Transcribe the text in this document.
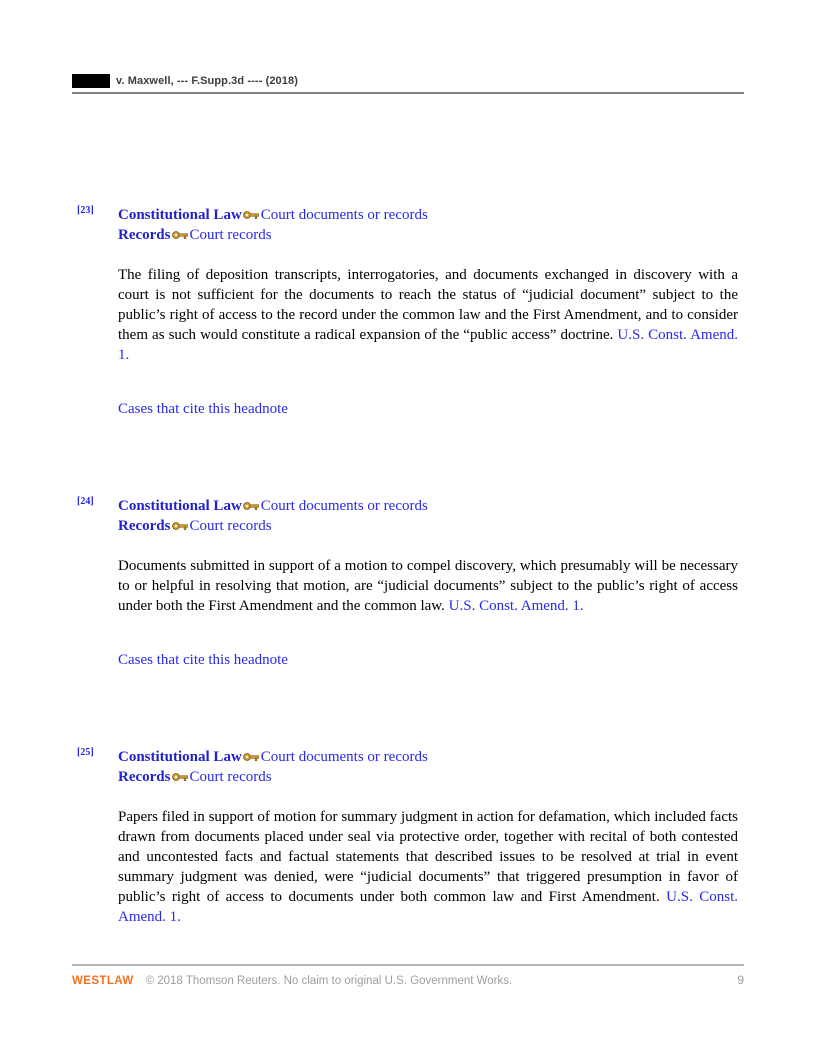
v. Maxwell, --- F.Supp.3d ---- (2018)
[23] Constitutional Law Court documents or records
Records Court records

The filing of deposition transcripts, interrogatories, and documents exchanged in discovery with a court is not sufficient for the documents to reach the status of “judicial document” subject to the public’s right of access to the record under the common law and the First Amendment, and to consider them as such would constitute a radical expansion of the “public access” doctrine. U.S. Const. Amend. 1.

Cases that cite this headnote
[24] Constitutional Law Court documents or records
Records Court records

Documents submitted in support of a motion to compel discovery, which presumably will be necessary to or helpful in resolving that motion, are “judicial documents” subject to the public’s right of access under both the First Amendment and the common law. U.S. Const. Amend. 1.

Cases that cite this headnote
[25] Constitutional Law Court documents or records
Records Court records

Papers filed in support of motion for summary judgment in action for defamation, which included facts drawn from documents placed under seal via protective order, together with recital of both contested and uncontested facts and factual statements that described issues to be resolved at trial in event summary judgment was denied, were “judicial documents” that triggered presumption in favor of public’s right of access to documents under both common law and First Amendment. U.S. Const. Amend. 1.

WESTLAW © 2018 Thomson Reuters. No claim to original U.S. Government Works.	9
